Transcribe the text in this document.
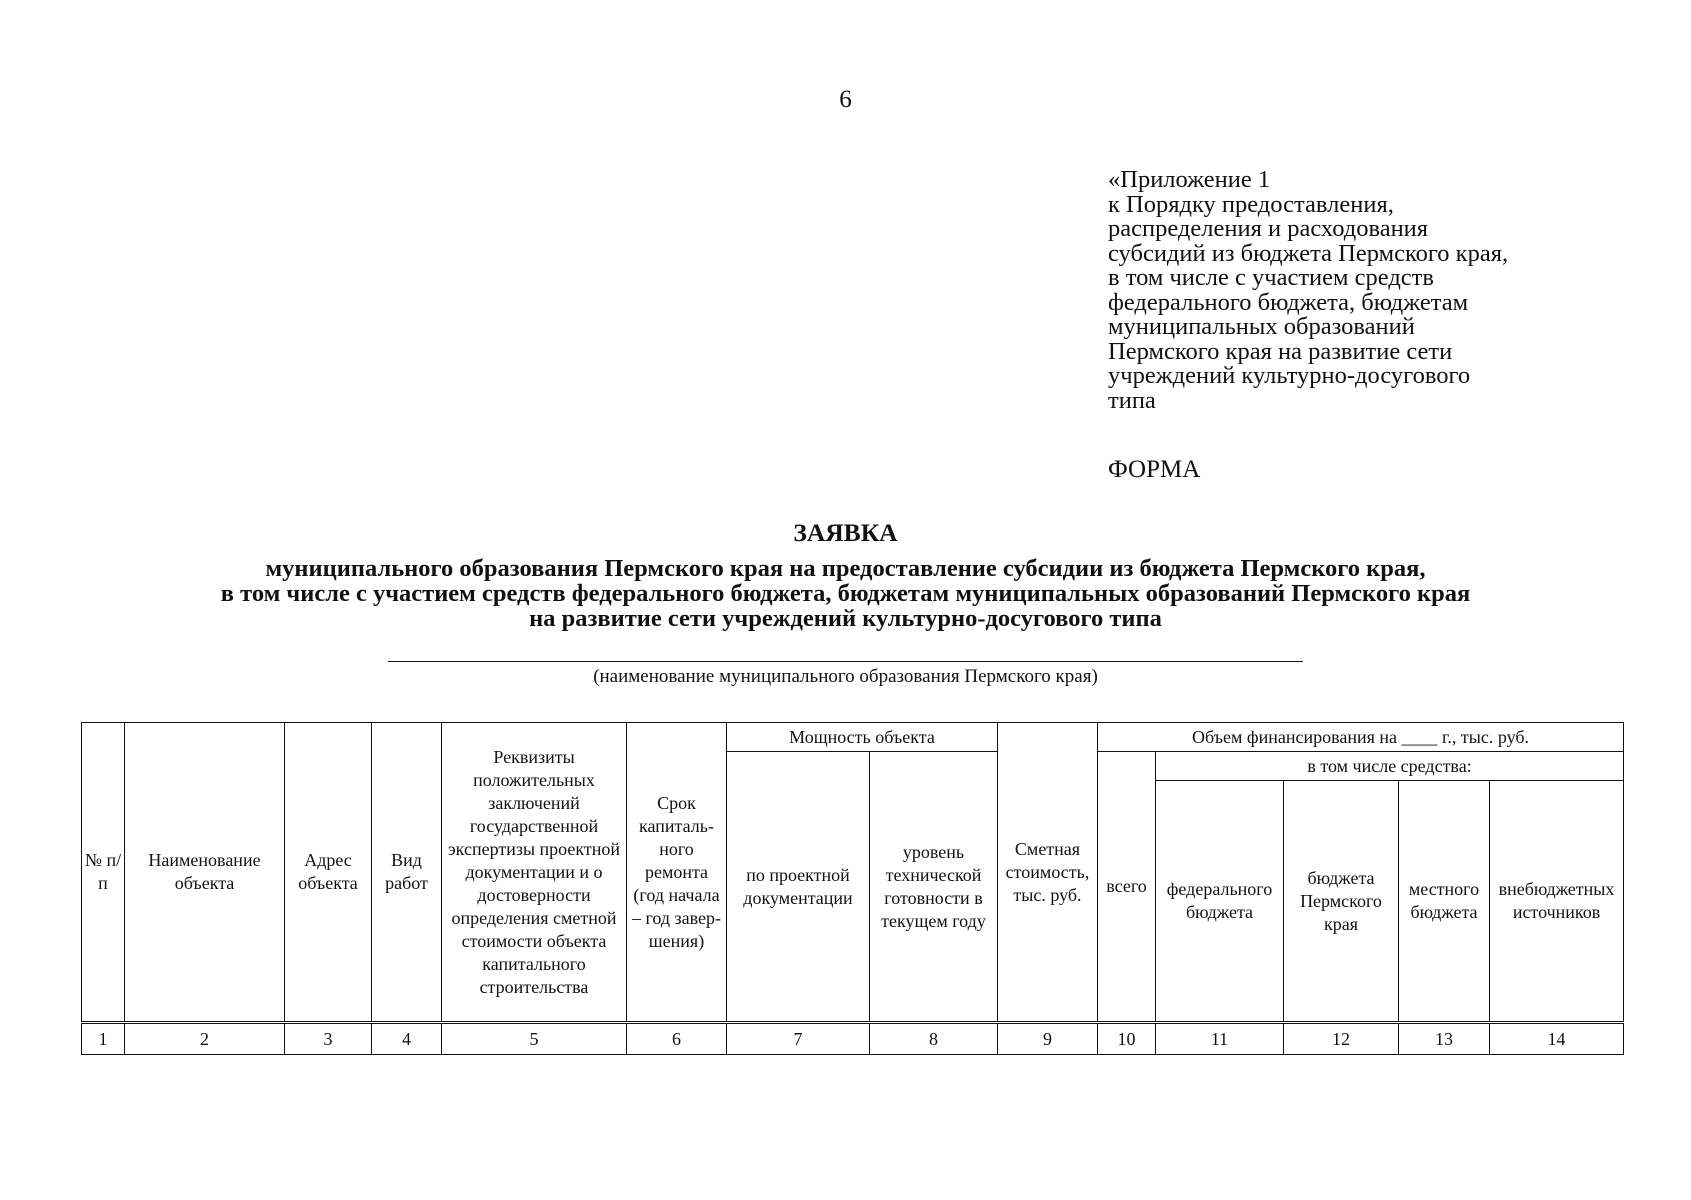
6
«Приложение 1
к Порядку предоставления,
распределения и расходования
субсидий из бюджета Пермского края,
в том числе с участием средств
федерального бюджета, бюджетам
муниципальных образований
Пермского края на развитие сети
учреждений культурно-досугового
типа
ФОРМА
ЗАЯВКА
муниципального образования Пермского края на предоставление субсидии из бюджета Пермского края,
в том числе с участием средств федерального бюджета, бюджетам муниципальных образований Пермского края
на развитие сети учреждений культурно-досугового типа
(наименование муниципального образования Пермского края)
№ п/п	Наименование объекта	Адрес объекта	Вид работ	Реквизиты положительных заключений государственной экспертизы проектной документации и о достоверности определения сметной стоимости объекта капитального строительства	Срок капиталь-ного ремонта (год начала – год завер-шения)	Мощность объекта		Сметная стоимость, тыс. руб.	Объем финансирования на ____ г., тыс. руб.				
						по проектной документации	уровень технической готовности в текущем году		всего	в том числе средства:			
										федерального бюджета	бюджета Пермского края	местного бюджета	внебюджетных источников
1	2	3	4	5	6	7	8	9	10	11	12	13	14
